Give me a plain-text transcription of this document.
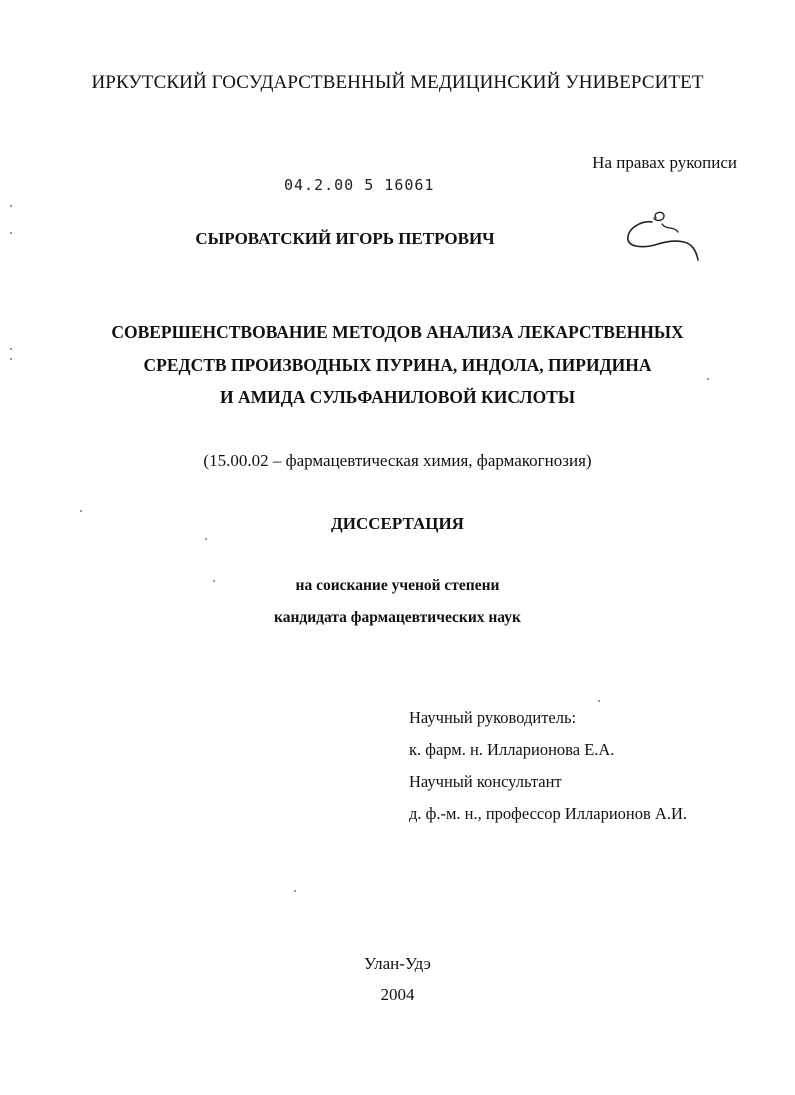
ИРКУТСКИЙ ГОСУДАРСТВЕННЫЙ МЕДИЦИНСКИЙ УНИВЕРСИТЕТ
На правах рукописи
04.2.00 5 16061
СЫРОВАТСКИЙ ИГОРЬ ПЕТРОВИЧ
СОВЕРШЕНСТВОВАНИЕ МЕТОДОВ АНАЛИЗА ЛЕКАРСТВЕННЫХ
СРЕДСТВ ПРОИЗВОДНЫХ ПУРИНА, ИНДОЛА, ПИРИДИНА
И АМИДА СУЛЬФАНИЛОВОЙ КИСЛОТЫ
(15.00.02 – фармацевтическая химия, фармакогнозия)
ДИССЕРТАЦИЯ
на соискание ученой степени
кандидата фармацевтических наук
Научный руководитель:
к. фарм. н. Илларионова Е.А.
Научный консультант
д. ф.-м. н., профессор Илларионов А.И.
Улан-Удэ
2004
